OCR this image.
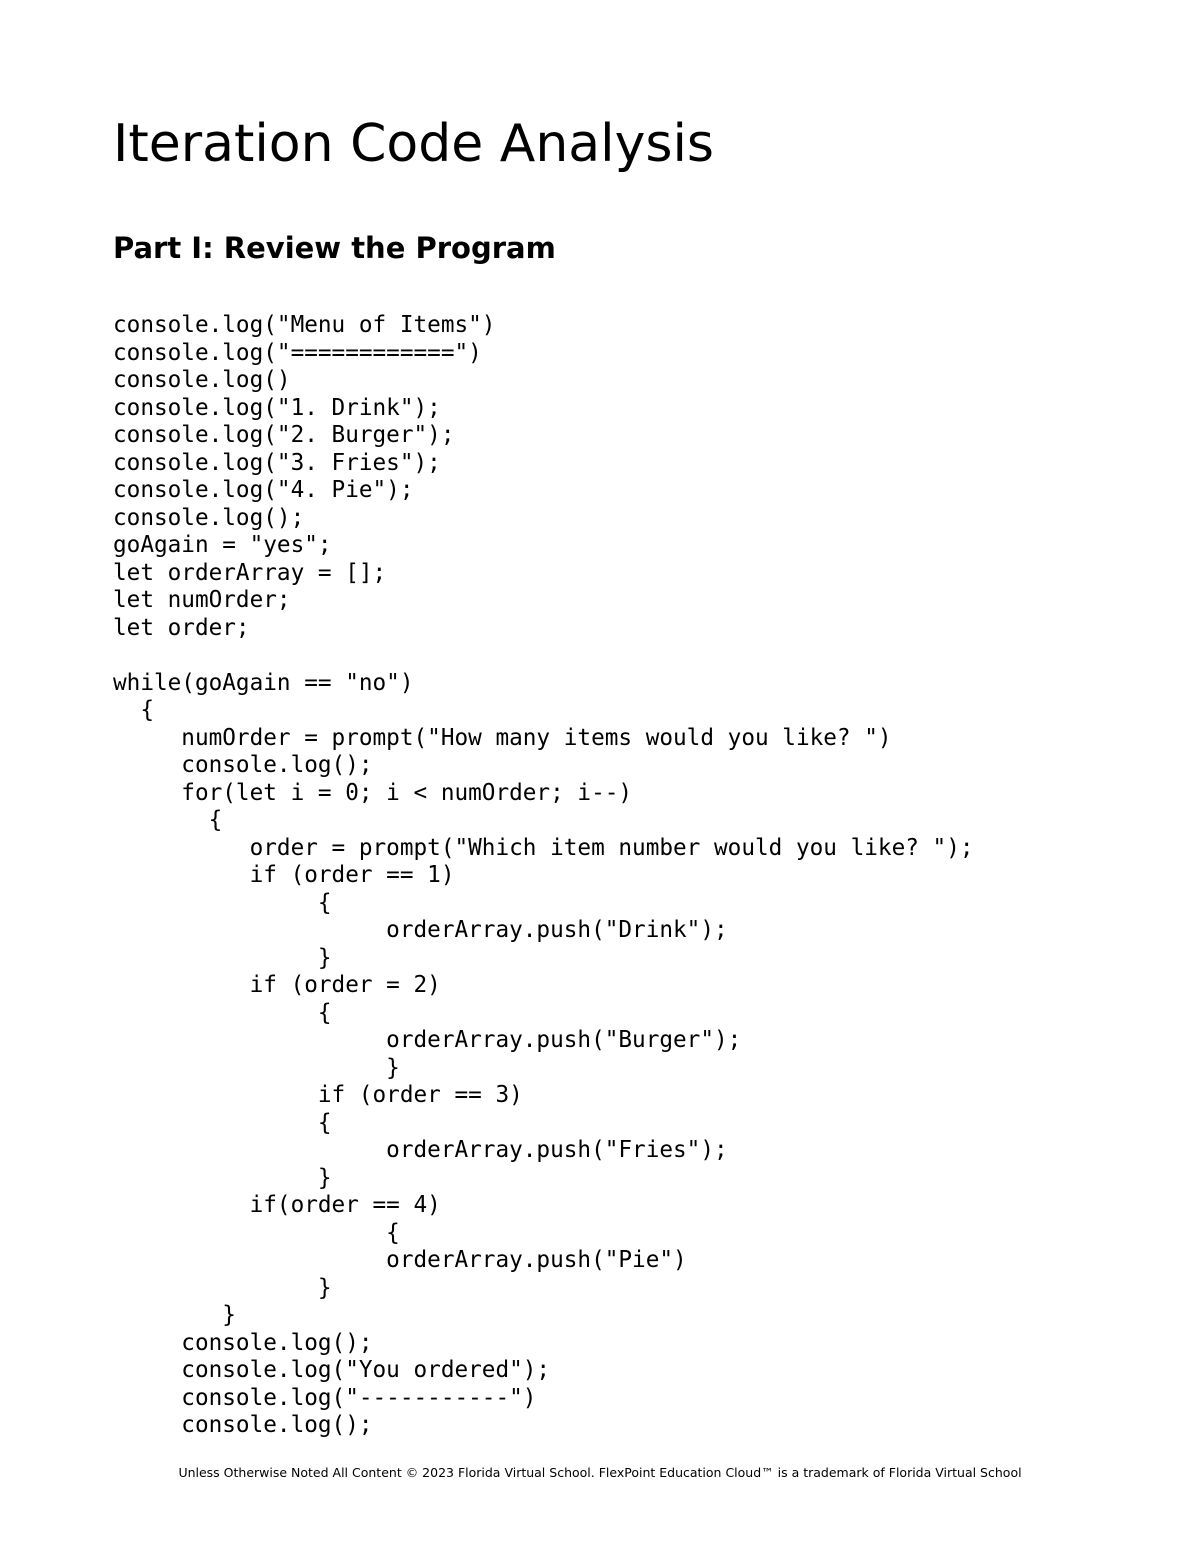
Iteration Code Analysis
Part I: Review the Program
console.log("Menu of Items")
console.log("============")
console.log()
console.log("1. Drink");
console.log("2. Burger");
console.log("3. Fries");
console.log("4. Pie");
console.log();
goAgain = "yes";
let orderArray = [];
let numOrder;
let order;
while(goAgain == "no")
{
numOrder = prompt("How many items would you like? ")
console.log();
for(let i = 0; i < numOrder; i--)
{
order = prompt("Which item number would you like? ");
if (order == 1)
{
orderArray.push("Drink");
}
if (order = 2)
{
orderArray.push("Burger");
}
if (order == 3)
{
orderArray.push("Fries");
}
if(order == 4)
{
orderArray.push("Pie")
}
}
console.log();
console.log("You ordered");
console.log("-----------")
console.log();
Unless Otherwise Noted All Content © 2023 Florida Virtual School. FlexPoint Education Cloud™ is a trademark of Florida Virtual School
